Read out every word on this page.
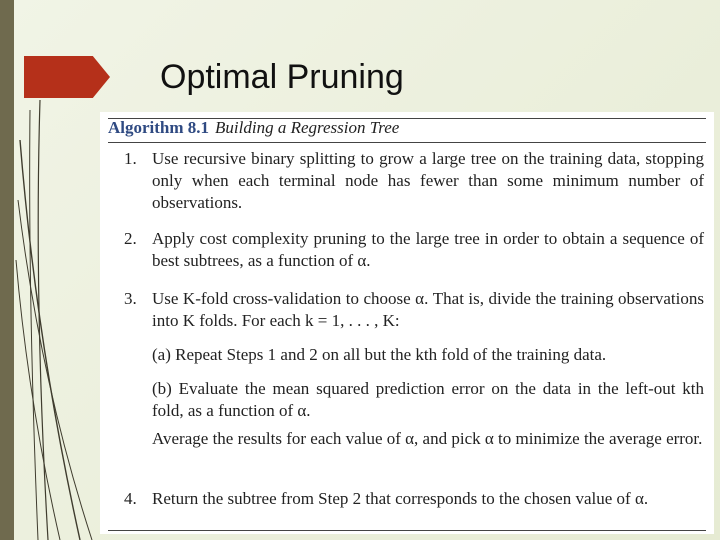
Optimal Pruning
Algorithm 8.1 Building a Regression Tree
1. Use recursive binary splitting to grow a large tree on the training data, stopping only when each terminal node has fewer than some minimum number of observations.
2. Apply cost complexity pruning to the large tree in order to obtain a sequence of best subtrees, as a function of α.
3. Use K-fold cross-validation to choose α. That is, divide the training observations into K folds. For each k = 1, . . . , K:
(a) Repeat Steps 1 and 2 on all but the kth fold of the training data.
(b) Evaluate the mean squared prediction error on the data in the left-out kth fold, as a function of α.
Average the results for each value of α, and pick α to minimize the average error.
4. Return the subtree from Step 2 that corresponds to the chosen value of α.
